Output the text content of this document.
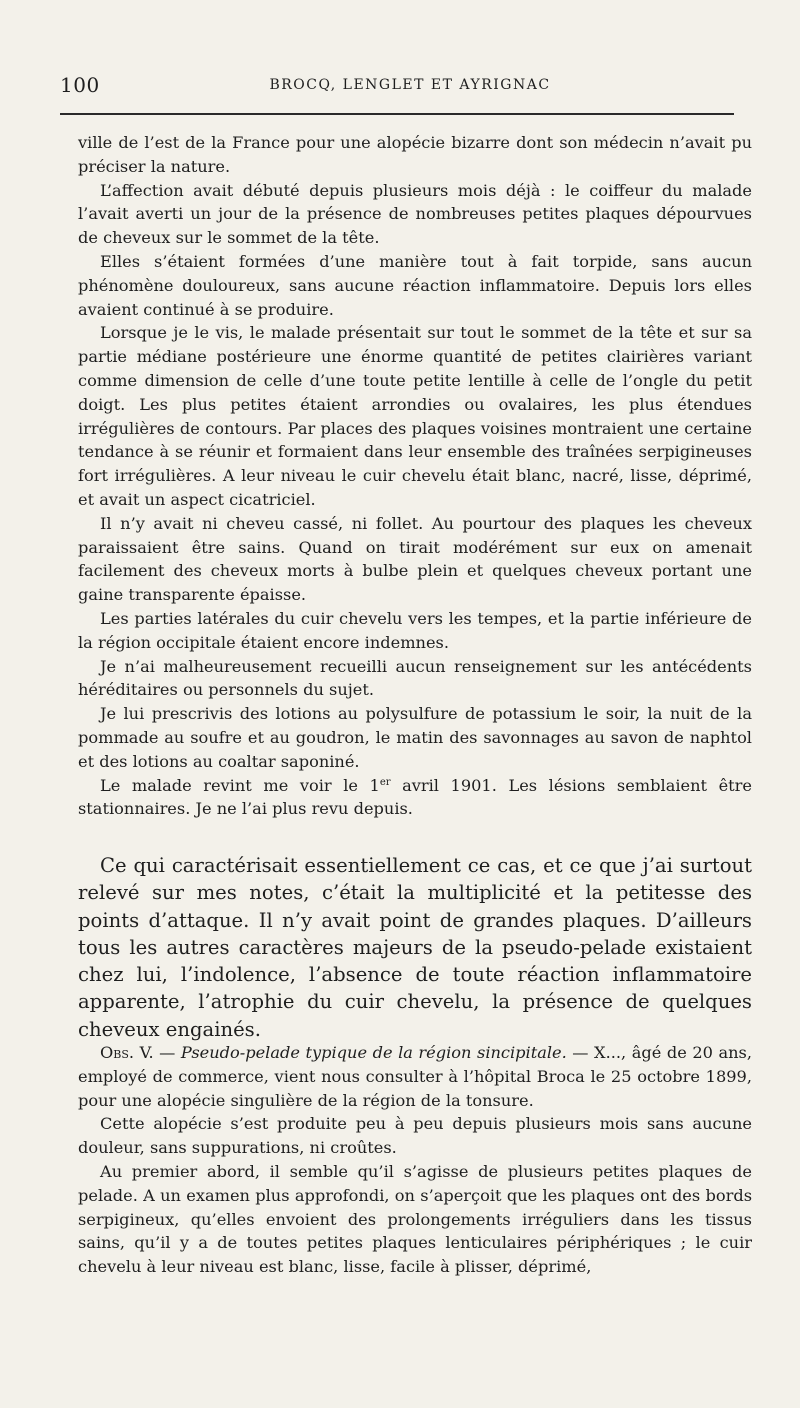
100	BROCQ, LENGLET ET AYRIGNAC

ville de l’est de la France pour une alopécie bizarre dont son médecin n’avait pu préciser la nature.

L’affection avait débuté depuis plusieurs mois déjà : le coiffeur du malade l’avait averti un jour de la présence de nombreuses petites plaques dépourvues de cheveux sur le sommet de la tête.

Elles s’étaient formées d’une manière tout à fait torpide, sans aucun phénomène douloureux, sans aucune réaction inflammatoire. Depuis lors elles avaient continué à se produire.

Lorsque je le vis, le malade présentait sur tout le sommet de la tête et sur sa partie médiane postérieure une énorme quantité de petites clairières variant comme dimension de celle d’une toute petite lentille à celle de l’ongle du petit doigt. Les plus petites étaient arrondies ou ovalaires, les plus étendues irrégulières de contours. Par places des plaques voisines montraient une certaine tendance à se réunir et formaient dans leur ensemble des traînées serpigineuses fort irrégulières. A leur niveau le cuir chevelu était blanc, nacré, lisse, déprimé, et avait un aspect cicatriciel.

Il n’y avait ni cheveu cassé, ni follet. Au pourtour des plaques les cheveux paraissaient être sains. Quand on tirait modérément sur eux on amenait facilement des cheveux morts à bulbe plein et quelques cheveux portant une gaine transparente épaisse.

Les parties latérales du cuir chevelu vers les tempes, et la partie inférieure de la région occipitale étaient encore indemnes.

Je n’ai malheureusement recueilli aucun renseignement sur les antécédents héréditaires ou personnels du sujet.

Je lui prescrivis des lotions au polysulfure de potassium le soir, la nuit de la pommade au soufre et au goudron, le matin des savonnages au savon de naphtol et des lotions au coaltar saponiné.

Le malade revint me voir le 1er avril 1901. Les lésions semblaient être stationnaires. Je ne l’ai plus revu depuis.

Ce qui caractérisait essentiellement ce cas, et ce que j’ai surtout relevé sur mes notes, c’était la multiplicité et la petitesse des points d’attaque. Il n’y avait point de grandes plaques. D’ailleurs tous les autres caractères majeurs de la pseudo-pelade existaient chez lui, l’indolence, l’absence de toute réaction inflammatoire apparente, l’atrophie du cuir chevelu, la présence de quelques cheveux engainés.

Obs. V. — Pseudo-pelade typique de la région sincipitale. — X..., âgé de 20 ans, employé de commerce, vient nous consulter à l’hôpital Broca le 25 octobre 1899, pour une alopécie singulière de la région de la tonsure.

Cette alopécie s’est produite peu à peu depuis plusieurs mois sans aucune douleur, sans suppurations, ni croûtes.

Au premier abord, il semble qu’il s’agisse de plusieurs petites plaques de pelade. A un examen plus approfondi, on s’aperçoit que les plaques ont des bords serpigineux, qu’elles envoient des prolongements irréguliers dans les tissus sains, qu’il y a de toutes petites plaques lenticulaires périphériques ; le cuir chevelu à leur niveau est blanc, lisse, facile à plisser, déprimé,
